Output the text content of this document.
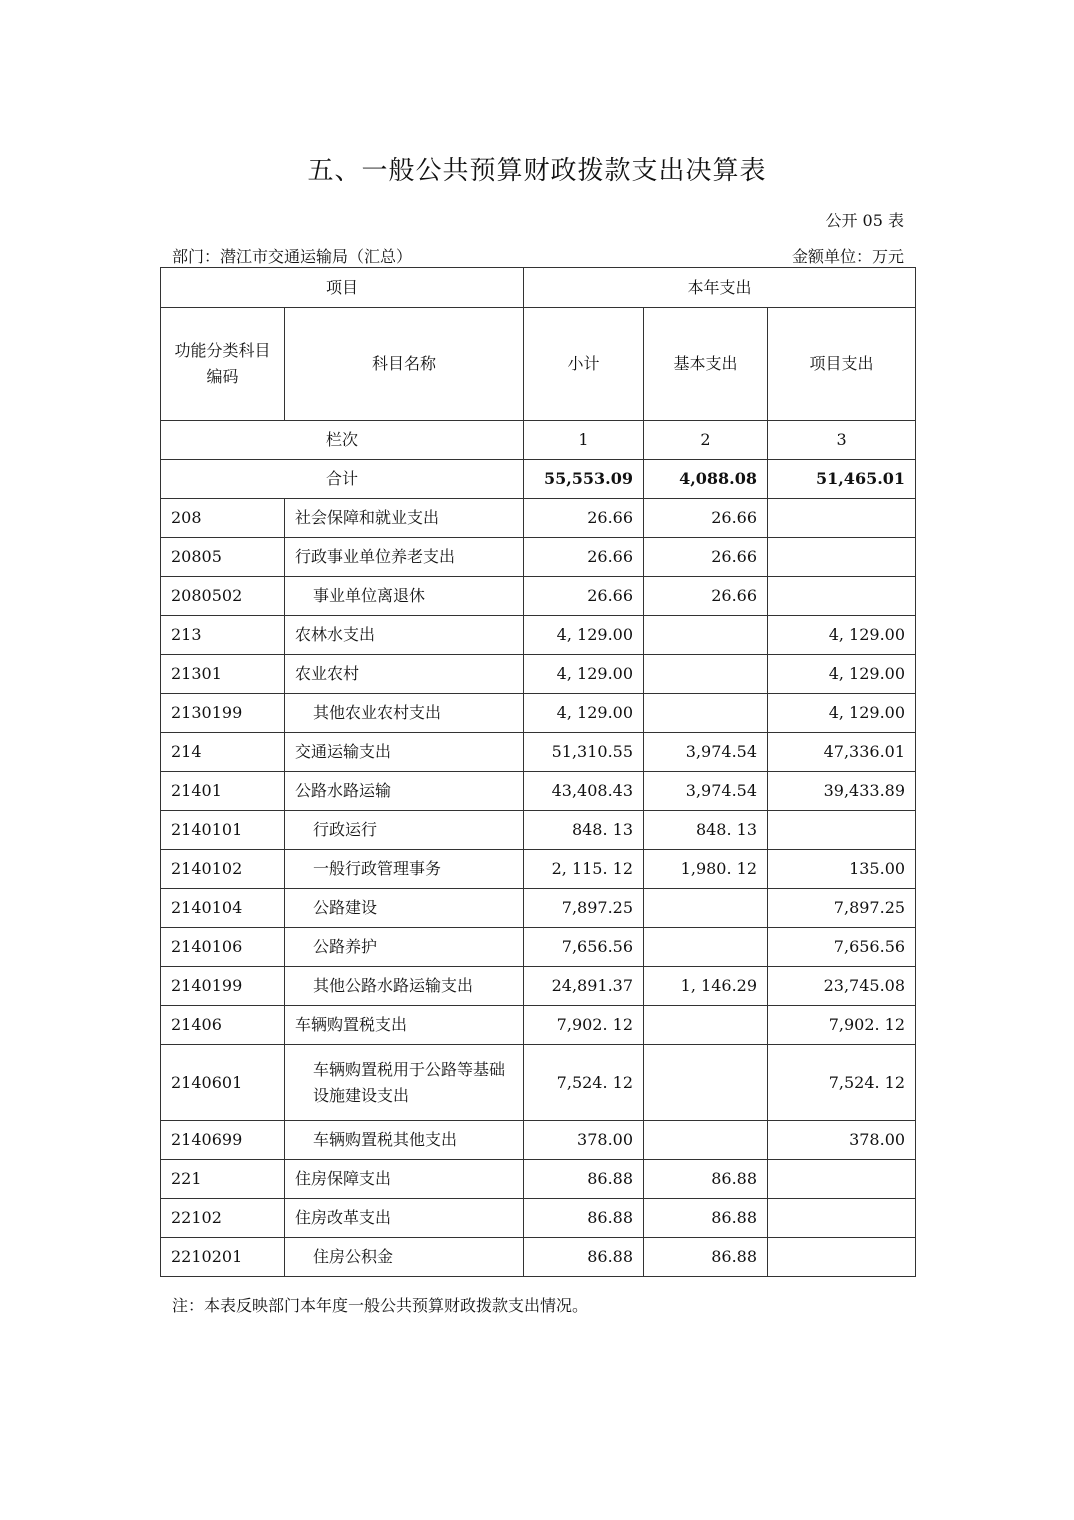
五、一般公共预算财政拨款支出决算表
公开 05 表
部门：潜江市交通运输局（汇总）	金额单位：万元
项目		本年支出		
功能分类科目编码	科目名称	小计	基本支出	项目支出
栏次		1	2	3
合计		55,553.09	4,088.08	51,465.01
208	社会保障和就业支出	26.66	26.66	
20805	行政事业单位养老支出	26.66	26.66	
2080502	事业单位离退休	26.66	26.66	
213	农林水支出	4, 129.00		4, 129.00
21301	农业农村	4, 129.00		4, 129.00
2130199	其他农业农村支出	4, 129.00		4, 129.00
214	交通运输支出	51,310.55	3,974.54	47,336.01
21401	公路水路运输	43,408.43	3,974.54	39,433.89
2140101	行政运行	848. 13	848. 13	
2140102	一般行政管理事务	2, 115. 12	1,980. 12	135.00
2140104	公路建设	7,897.25		7,897.25
2140106	公路养护	7,656.56		7,656.56
2140199	其他公路水路运输支出	24,891.37	1, 146.29	23,745.08
21406	车辆购置税支出	7,902. 12		7,902. 12
2140601	车辆购置税用于公路等基础设施建设支出	7,524. 12		7,524. 12
2140699	车辆购置税其他支出	378.00		378.00
221	住房保障支出	86.88	86.88	
22102	住房改革支出	86.88	86.88	
2210201	住房公积金	86.88	86.88	
注：本表反映部门本年度一般公共预算财政拨款支出情况。
